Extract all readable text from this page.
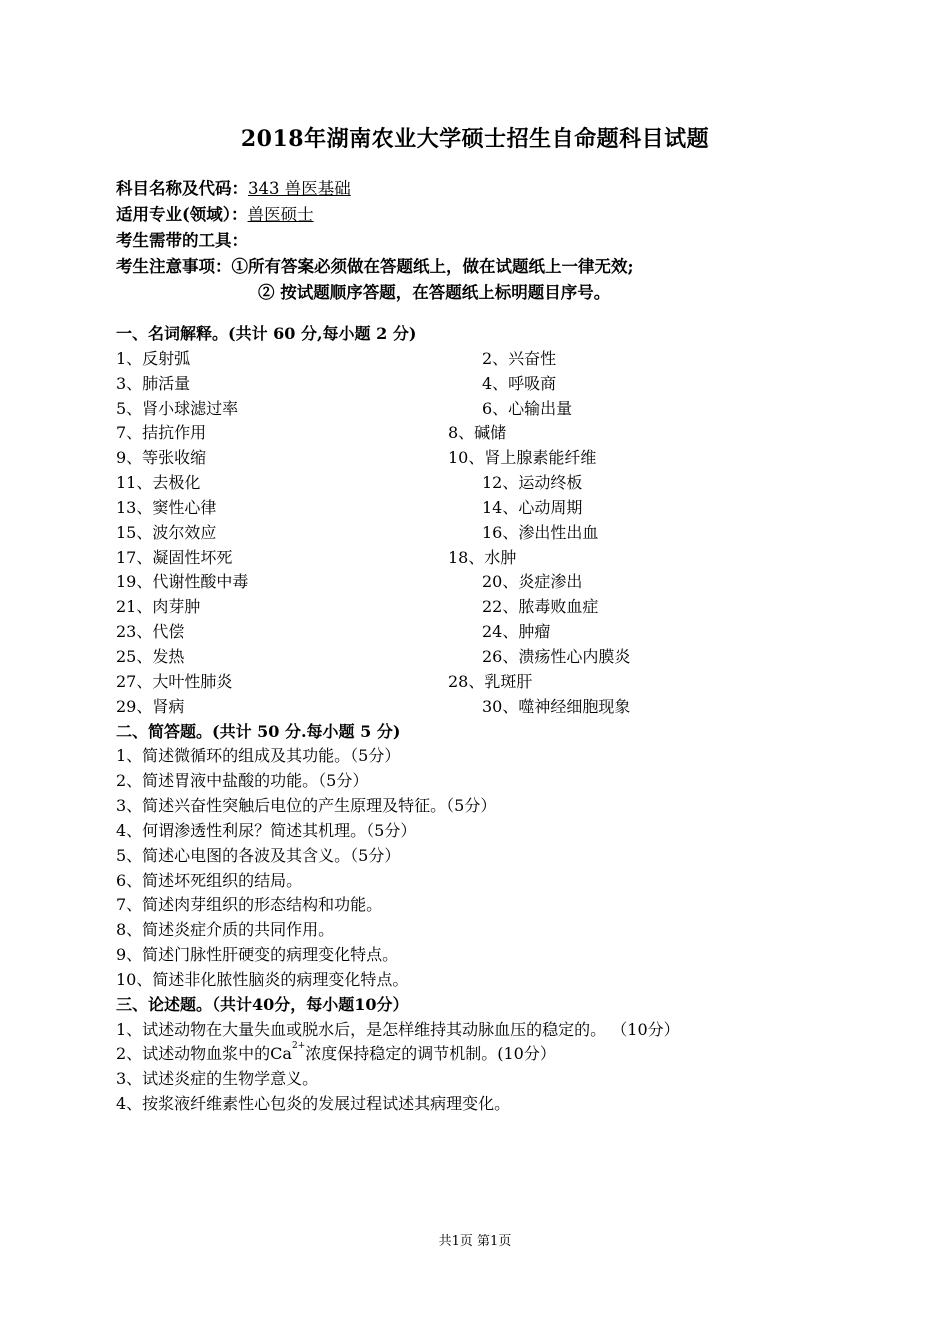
2018年湖南农业大学硕士招生自命题科目试题
科目名称及代码：343 兽医基础
适用专业(领域）：兽医硕士
考生需带的工具：
考生注意事项：①所有答案必须做在答题纸上，做在试题纸上一律无效;
② 按试题顺序答题，在答题纸上标明题目序号。
一、名词解释。(共计 60 分,每小题 2 分)
1、反射弧	2、兴奋性
3、肺活量	4、呼吸商
5、肾小球滤过率	6、心输出量
7、拮抗作用	8、碱储
9、等张收缩	10、肾上腺素能纤维
11、去极化	12、运动终板
13、窦性心律	14、心动周期
15、波尔效应	16、渗出性出血
17、凝固性坏死	18、水肿
19、代谢性酸中毒	20、炎症渗出
21、肉芽肿	22、脓毒败血症
23、代偿	24、肿瘤
25、发热	26、溃疡性心内膜炎
27、大叶性肺炎	28、乳斑肝
29、肾病	30、噬神经细胞现象
二、简答题。(共计 50 分.每小题 5 分)
1、简述微循环的组成及其功能。（5分）
2、简述胃液中盐酸的功能。（5分）
3、简述兴奋性突触后电位的产生原理及特征。（5分）
4、何谓渗透性利尿？简述其机理。（5分）
5、简述心电图的各波及其含义。（5分）
6、简述坏死组织的结局。
7、简述肉芽组织的形态结构和功能。
8、简述炎症介质的共同作用。
9、简述门脉性肝硬变的病理变化特点。
10、简述非化脓性脑炎的病理变化特点。
三、论述题。（共计40分，每小题10分）
1、试述动物在大量失血或脱水后，是怎样维持其动脉血压的稳定的。 （10分）
2、试述动物血浆中的$Ca^{2+}$浓度保持稳定的调节机制。(10分）
3、试述炎症的生物学意义。
4、按浆液纤维素性心包炎的发展过程试述其病理变化。
共1页 第1页
